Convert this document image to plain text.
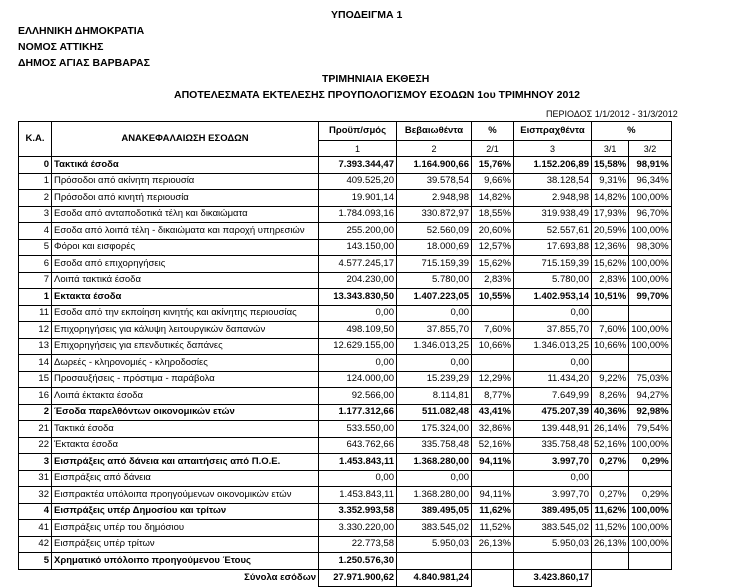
ΥΠΟΔΕΙΓΜΑ 1
ΕΛΛΗΝΙΚΗ ΔΗΜΟΚΡΑΤΙΑ
ΝΟΜΟΣ ΑΤΤΙΚΗΣ
ΔΗΜΟΣ ΑΓΙΑΣ ΒΑΡΒΑΡΑΣ
ΤΡΙΜΗΝΙΑΙΑ ΕΚΘΕΣΗ
ΑΠΟΤΕΛΕΣΜΑΤΑ ΕΚΤΕΛΕΣΗΣ ΠΡΟΥΠΟΛΟΓΙΣΜΟΥ ΕΣΟΔΩΝ 1ου ΤΡΙΜΗΝΟΥ 2012
ΠΕΡΙΟΔΟΣ 1/1/2012 - 31/3/2012
Κ.Α.	ΑΝΑΚΕΦΑΛΑΙΩΣΗ ΕΣΟΔΩΝ	Προϋπ/σμός	Βεβαιωθέντα	%	Εισπραχθέντα	%	
		1	2	2/1	3	3/1	3/2
0	Τακτικά έσοδα	7.393.344,47	1.164.900,66	15,76%	1.152.206,89	15,58%	98,91%
1	Πρόσοδοι από ακίνητη περιουσία	409.525,20	39.578,54	9,66%	38.128,54	9,31%	96,34%
2	Πρόσοδοι από κινητή περιουσία	19.901,14	2.948,98	14,82%	2.948,98	14,82%	100,00%
3	Εσοδα από ανταποδοτικά τέλη και δικαιώματα	1.784.093,16	330.872,97	18,55%	319.938,49	17,93%	96,70%
4	Εσοδα από λοιπά τέλη - δικαιώματα και παροχή υπηρεσιών	255.200,00	52.560,09	20,60%	52.557,61	20,59%	100,00%
5	Φόροι και εισφορές	143.150,00	18.000,69	12,57%	17.693,88	12,36%	98,30%
6	Εσοδα από επιχορηγήσεις	4.577.245,17	715.159,39	15,62%	715.159,39	15,62%	100,00%
7	Λοιπά τακτικά έσοδα	204.230,00	5.780,00	2,83%	5.780,00	2,83%	100,00%
1	Εκτακτα έσοδα	13.343.830,50	1.407.223,05	10,55%	1.402.953,14	10,51%	99,70%
11	Εσοδα από την εκποίηση κινητής και ακίνητης περιουσίας	0,00	0,00		0,00		
12	Επιχορηγήσεις για κάλυψη λειτουργικών δαπανών	498.109,50	37.855,70	7,60%	37.855,70	7,60%	100,00%
13	Επιχορηγήσεις για επενδυτικές δαπάνες	12.629.155,00	1.346.013,25	10,66%	1.346.013,25	10,66%	100,00%
14	Δωρεές - κληρονομιές - κληροδοσίες	0,00	0,00		0,00		
15	Προσαυξήσεις - πρόστιμα - παράβολα	124.000,00	15.239,29	12,29%	11.434,20	9,22%	75,03%
16	Λοιπά έκτακτα έσοδα	92.566,00	8.114,81	8,77%	7.649,99	8,26%	94,27%
2	Έσοδα παρελθόντων οικονομικών ετών	1.177.312,66	511.082,48	43,41%	475.207,39	40,36%	92,98%
21	Τακτικά έσοδα	533.550,00	175.324,00	32,86%	139.448,91	26,14%	79,54%
22	Έκτακτα έσοδα	643.762,66	335.758,48	52,16%	335.758,48	52,16%	100,00%
3	Εισπράξεις από δάνεια και απαιτήσεις από Π.Ο.Ε.	1.453.843,11	1.368.280,00	94,11%	3.997,70	0,27%	0,29%
31	Εισπράξεις από δάνεια	0,00	0,00		0,00		
32	Εισπρακτέα υπόλοιπα προηγούμενων οικονομικών ετών	1.453.843,11	1.368.280,00	94,11%	3.997,70	0,27%	0,29%
4	Εισπράξεις υπέρ Δημοσίου και τρίτων	3.352.993,58	389.495,05	11,62%	389.495,05	11,62%	100,00%
41	Εισπράξεις υπέρ του δημόσιου	3.330.220,00	383.545,02	11,52%	383.545,02	11,52%	100,00%
42	Εισπράξεις υπέρ τρίτων	22.773,58	5.950,03	26,13%	5.950,03	26,13%	100,00%
5	Χρηματικό υπόλοιπο προηγούμενου Έτους	1.250.576,30					
Σύνολα εσόδων		27.971.900,62	4.840.981,24		3.423.860,17		
